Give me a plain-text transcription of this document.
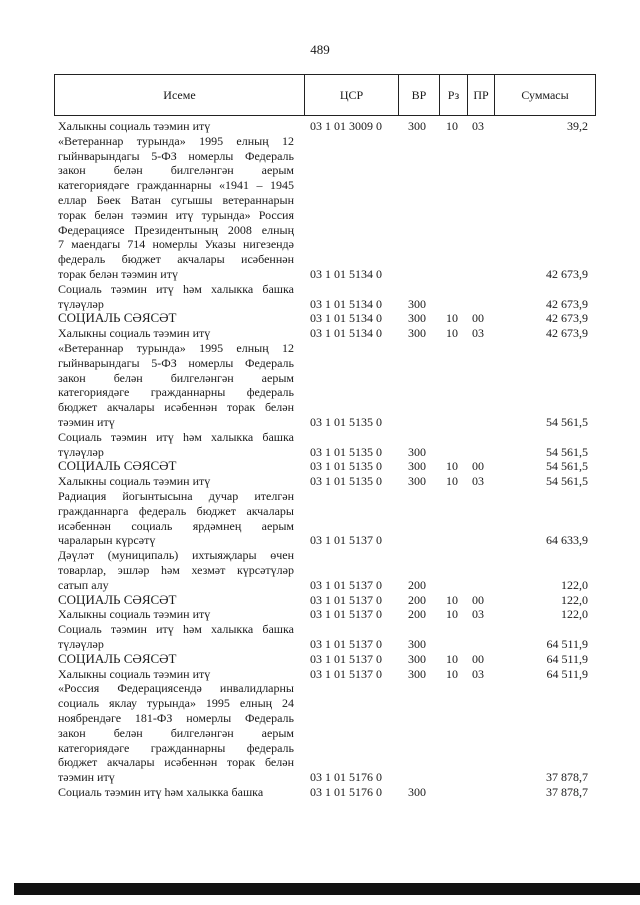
489
Исеме	ЦСР	ВР	Рз	ПР	Суммасы
Халыкны социаль тәэмин итү	03 1 01 3009 0 300 10 03	39,2
«Ветераннар турында» 1995 елның 12
гыйнварындагы 5-ФЗ номерлы Федераль
закон белән билгеләнгән аерым
категориядәге гражданнарны «1941 – 1945
еллар Бөек Ватан сугышы ветераннарын
торак белән тәэмин итү турында» Россия
Федерациясе Президентының 2008 елның
7 маендагы 714 номерлы Указы нигезендә
федераль бюджет акчалары исәбеннән
торак белән тәэмин итү	03 1 01 5134 0	42 673,9
Социаль тәэмин итү һәм халыкка башка
түләүләр	03 1 01 5134 0 300	42 673,9
СОЦИАЛЬ СӘЯСӘТ	03 1 01 5134 0 300 10 00	42 673,9
Халыкны социаль тәэмин итү	03 1 01 5134 0 300 10 03	42 673,9
«Ветераннар турында» 1995 елның 12
гыйнварындагы 5-ФЗ номерлы Федераль
закон белән билгеләнгән аерым
категориядәге гражданнарны федераль
бюджет акчалары исәбеннән торак белән
тәэмин итү	03 1 01 5135 0	54 561,5
Социаль тәэмин итү һәм халыкка башка
түләүләр	03 1 01 5135 0 300	54 561,5
СОЦИАЛЬ СӘЯСӘТ	03 1 01 5135 0 300 10 00	54 561,5
Халыкны социаль тәэмин итү	03 1 01 5135 0 300 10 03	54 561,5
Радиация йогынтысына дучар ителгән
гражданнарга федераль бюджет акчалары
исәбеннән социаль ярдәмнең аерым
чараларын күрсәтү	03 1 01 5137 0	64 633,9
Дәүләт (муниципаль) ихтыяҗлары өчен
товарлар, эшләр һәм хезмәт күрсәтүләр
сатып алу	03 1 01 5137 0 200	122,0
СОЦИАЛЬ СӘЯСӘТ	03 1 01 5137 0 200 10 00	122,0
Халыкны социаль тәэмин итү	03 1 01 5137 0 200 10 03	122,0
Социаль тәэмин итү һәм халыкка башка
түләүләр	03 1 01 5137 0 300	64 511,9
СОЦИАЛЬ СӘЯСӘТ	03 1 01 5137 0 300 10 00	64 511,9
Халыкны социаль тәэмин итү	03 1 01 5137 0 300 10 03	64 511,9
«Россия Федерациясендә инвалидларны
социаль яклау турында» 1995 елның 24
ноябрендәге 181-ФЗ номерлы Федераль
закон белән билгеләнгән аерым
категориядәге гражданнарны федераль
бюджет акчалары исәбеннән торак белән
тәэмин итү	03 1 01 5176 0	37 878,7
Социаль тәэмин итү һәм халыкка башка	03 1 01 5176 0 300	37 878,7
